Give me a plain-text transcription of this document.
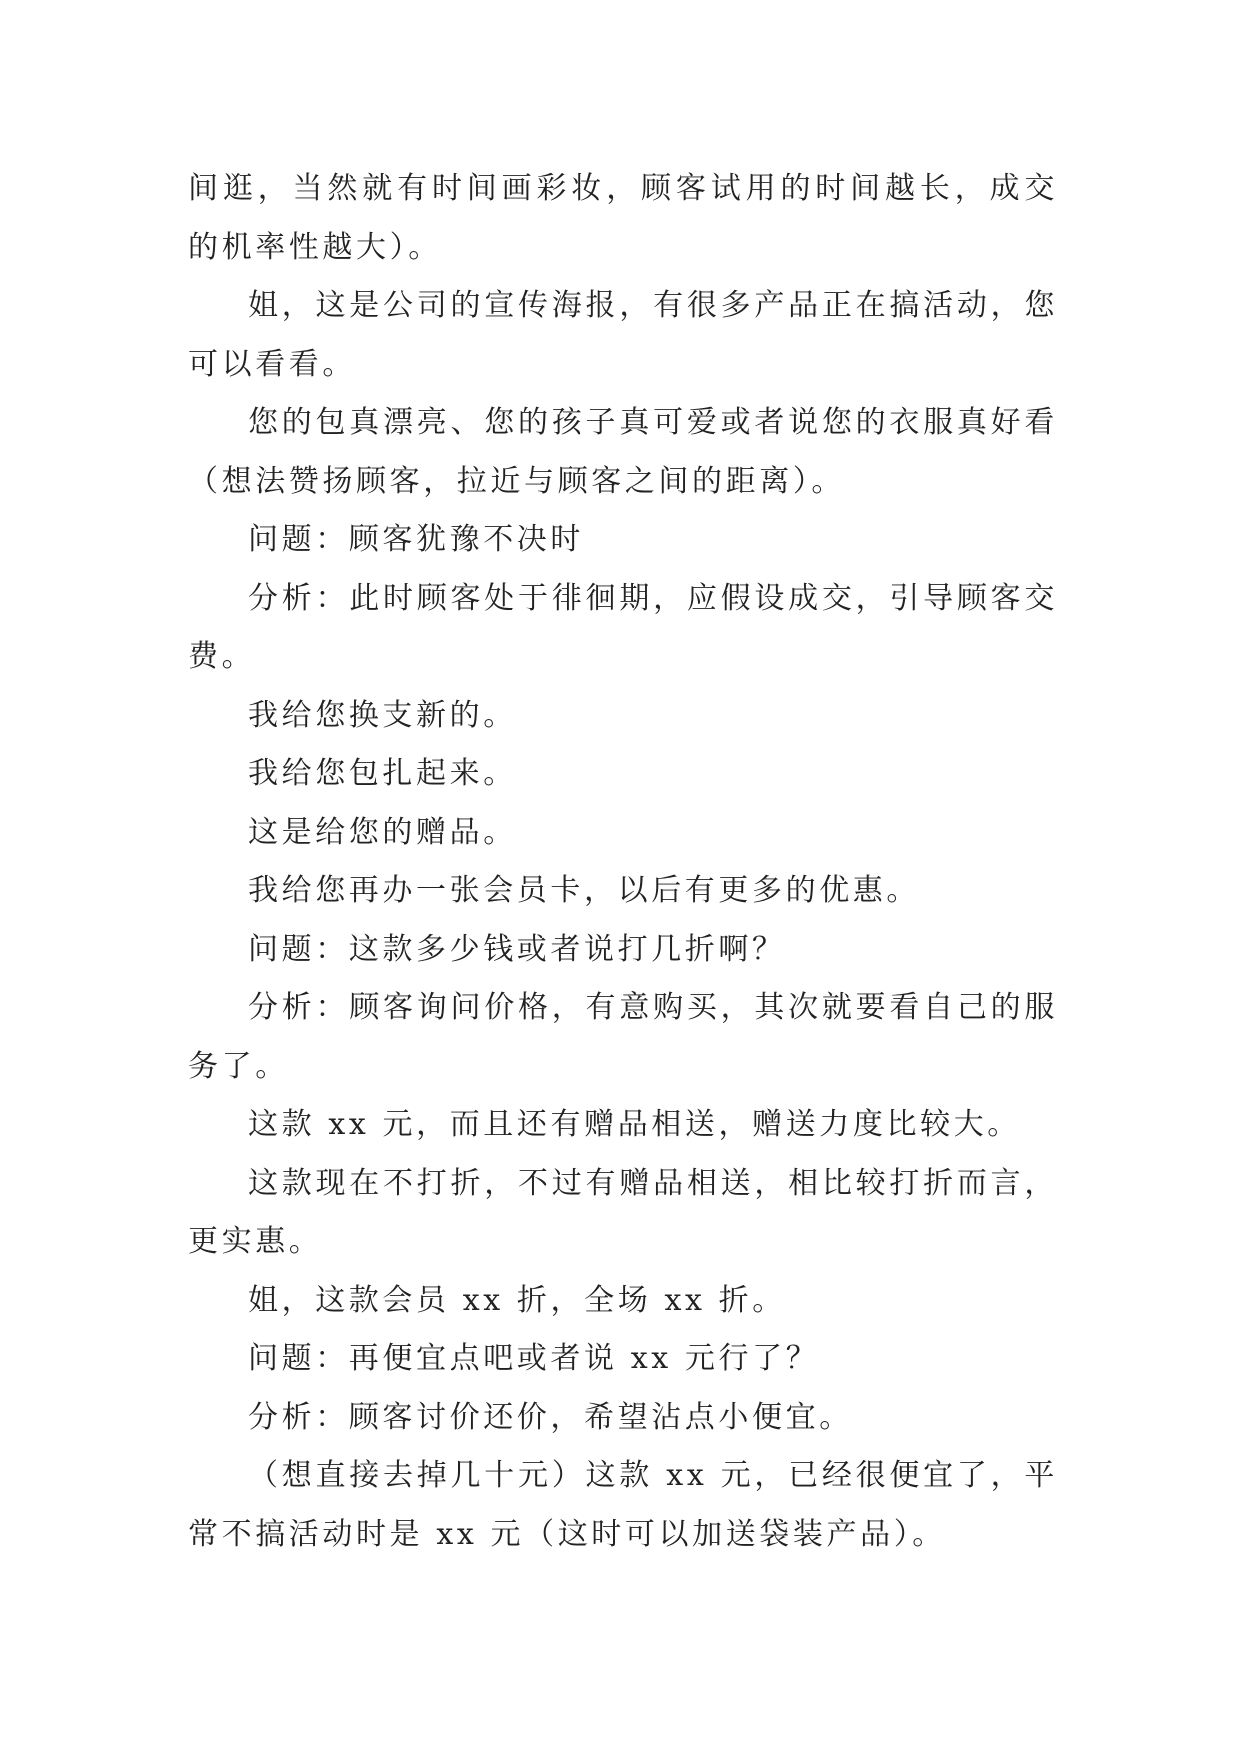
间逛，当然就有时间画彩妆，顾客试用的时间越长，成交的机率性越大）。

姐，这是公司的宣传海报，有很多产品正在搞活动，您可以看看。

您的包真漂亮、您的孩子真可爱或者说您的衣服真好看（想法赞扬顾客，拉近与顾客之间的距离）。

问题：顾客犹豫不决时

分析：此时顾客处于徘徊期，应假设成交，引导顾客交费。

我给您换支新的。

我给您包扎起来。

这是给您的赠品。

我给您再办一张会员卡，以后有更多的优惠。

问题：这款多少钱或者说打几折啊？

分析：顾客询问价格，有意购买，其次就要看自己的服务了。

这款 xx 元，而且还有赠品相送，赠送力度比较大。

这款现在不打折，不过有赠品相送，相比较打折而言，更实惠。

姐，这款会员 xx 折，全场 xx 折。

问题：再便宜点吧或者说 xx 元行了？

分析：顾客讨价还价，希望沾点小便宜。

（想直接去掉几十元）这款 xx 元，已经很便宜了，平常不搞活动时是 xx 元（这时可以加送袋装产品）。
